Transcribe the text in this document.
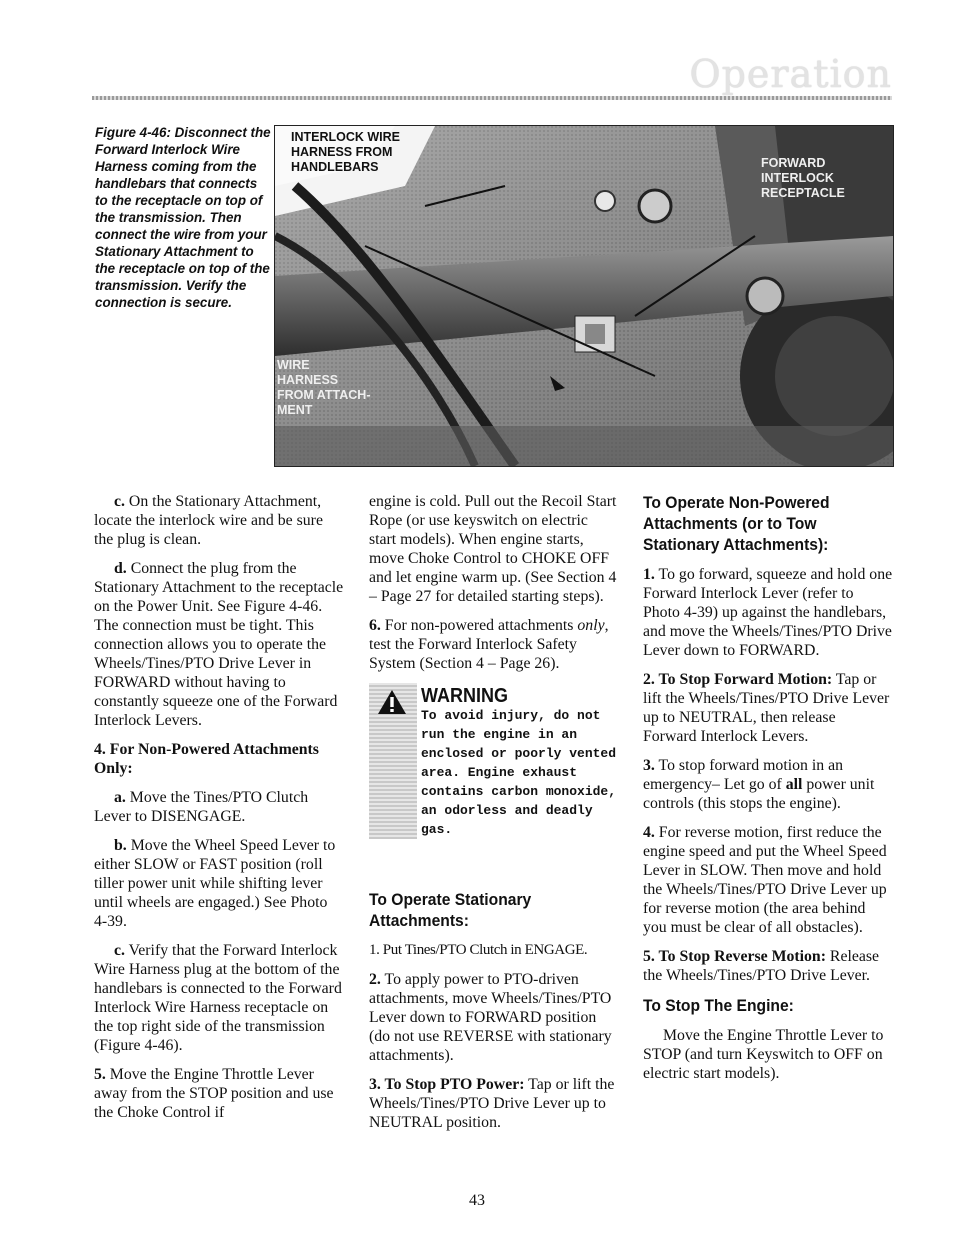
Operation
Figure 4-46: Disconnect the Forward Interlock Wire Harness coming from the handlebars that connects to the receptacle on top of the transmission. Then connect the wire from your Stationary Attachment to the receptacle on top of the transmission. Verify the connection is secure.
INTERLOCK WIRE HARNESS FROM HANDLEBARS	FORWARD INTERLOCK RECEPTACLE
WIRE HARNESS FROM ATTACH-MENT

c. On the Stationary Attachment, locate the interlock wire and be sure the plug is clean.

d. Connect the plug from the Stationary Attachment to the receptacle on the Power Unit. See Figure 4-46. The connection must be tight. This connection allows you to operate the Wheels/Tines/PTO Drive Lever in FORWARD without having to constantly squeeze one of the Forward Interlock Levers.

4. For Non-Powered Attachments Only:

a. Move the Tines/PTO Clutch Lever to DISENGAGE.

b. Move the Wheel Speed Lever to either SLOW or FAST position (roll tiller power unit while shifting lever until wheels are engaged.) See Photo 4-39.

c. Verify that the Forward Interlock Wire Harness plug at the bottom of the handlebars is connected to the Forward Interlock Wire Harness receptacle on the top right side of the transmission (Figure 4-46).

5. Move the Engine Throttle Lever away from the STOP position and use the Choke Control if

engine is cold. Pull out the Recoil Start Rope (or use keyswitch on electric start models). When engine starts, move Choke Control to CHOKE OFF and let engine warm up. (See Section 4 – Page 27 for detailed starting steps).

6. For non-powered attachments only, test the Forward Interlock Safety System (Section 4 – Page 26).

WARNING
To avoid injury, do not run the engine in an enclosed or poorly vented area. Engine exhaust contains carbon monoxide, an odorless and deadly gas.

To Operate Stationary Attachments:

1. Put Tines/PTO Clutch in ENGAGE.

2. To apply power to PTO-driven attachments, move Wheels/Tines/PTO Lever down to FORWARD position (do not use REVERSE with stationary attachments).

3. To Stop PTO Power: Tap or lift the Wheels/Tines/PTO Drive Lever up to NEUTRAL position.

To Operate Non-Powered Attachments (or to Tow Stationary Attachments):

1. To go forward, squeeze and hold one Forward Interlock Lever (refer to Photo 4-39) up against the handlebars, and move the Wheels/Tines/PTO Drive Lever down to FORWARD.

2. To Stop Forward Motion: Tap or lift the Wheels/Tines/PTO Drive Lever up to NEUTRAL, then release Forward Interlock Levers.

3. To stop forward motion in an emergency– Let go of all power unit controls (this stops the engine).

4. For reverse motion, first reduce the engine speed and put the Wheel Speed Lever in SLOW. Then move and hold the Wheels/Tines/PTO Drive Lever up for reverse motion (the area behind you must be clear of all obstacles).

5. To Stop Reverse Motion: Release the Wheels/Tines/PTO Drive Lever.

To Stop The Engine:

Move the Engine Throttle Lever to STOP (and turn Keyswitch to OFF on electric start models).

43
